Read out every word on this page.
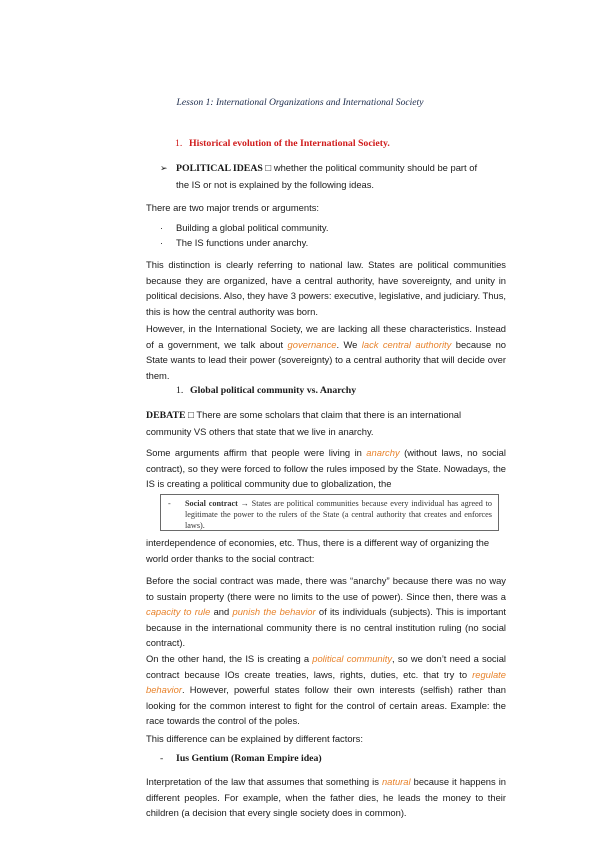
Lesson 1: International Organizations and International Society
1. Historical evolution of the International Society.
➢ POLITICAL IDEAS □ whether the political community should be part of
the IS or not is explained by the following ideas.

There are two major trends or arguments:

· Building a global political community.

· The IS functions under anarchy.

This distinction is clearly referring to national law. States are political communities because they are organized, have a central authority, have sovereignty, and unity in political decisions. Also, they have 3 powers: executive, legislative, and judiciary. Thus, this is how the central authority was born.

However, in the International Society, we are lacking all these characteristics. Instead of a government, we talk about governance. We lack central authority because no State wants to lead their power (sovereignty) to a central authority that will decide over them.

1. Global political community vs. Anarchy

DEBATE □ There are some scholars that claim that there is an international community VS others that state that we live in anarchy.

Some arguments affirm that people were living in anarchy (without laws, no social contract), so they were forced to follow the rules imposed by the State. Nowadays, the IS is creating a political community due to globalization, the

- Social contract → States are political communities because every individual has agreed to legitimate the power to the rulers of the State (a central authority that creates and enforces laws).

interdependence of economies, etc. Thus, there is a different way of organizing the world order thanks to the social contract:

Before the social contract was made, there was “anarchy” because there was no way to sustain property (there were no limits to the use of power). Since then, there was a capacity to rule and punish the behavior of its individuals (subjects). This is important because in the international community there is no central institution ruling (no social contract).

On the other hand, the IS is creating a political community, so we don’t need a social contract because IOs create treaties, laws, rights, duties, etc. that try to regulate behavior. However, powerful states follow their own interests (selfish) rather than looking for the common interest to fight for the control of certain areas. Example: the race towards the control of the poles.

This difference can be explained by different factors:

- Ius Gentium (Roman Empire idea)

Interpretation of the law that assumes that something is natural because it happens in different peoples. For example, when the father dies, he leads the money to their children (a decision that every single society does in common).
